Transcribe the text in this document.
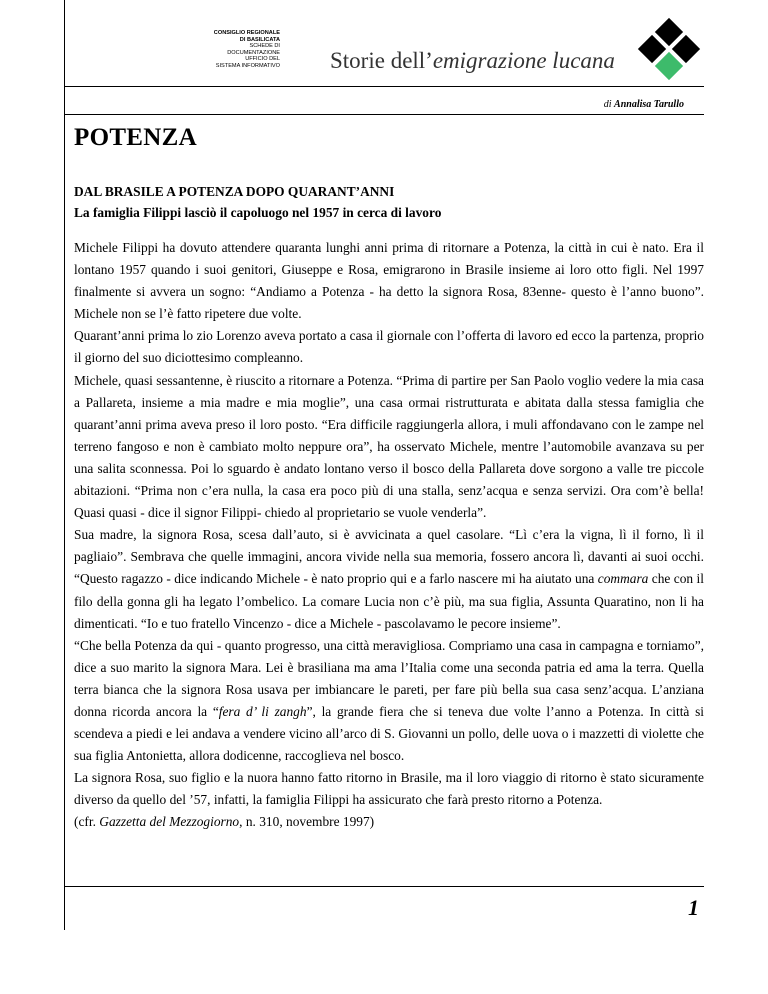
CONSIGLIO REGIONALE
DI BASILICATA
SCHEDE DI
DOCUMENTAZIONE
UFFICIO DEL
SISTEMA INFORMATIVO Storie dell’emigrazione lucana
di Annalisa Tarullo
POTENZA
DAL BRASILE A POTENZA DOPO QUARANT’ANNI
La famiglia Filippi lasciò il capoluogo nel 1957 in cerca di lavoro

Michele Filippi ha dovuto attendere quaranta lunghi anni prima di ritornare a Potenza, la città in cui è nato. Era il lontano 1957 quando i suoi genitori, Giuseppe e Rosa, emigrarono in Brasile insieme ai loro otto figli. Nel 1997 finalmente si avvera un sogno: “Andiamo a Potenza - ha detto la signora Rosa, 83enne- questo è l’anno buono”. Michele non se l’è fatto ripetere due volte.

Quarant’anni prima lo zio Lorenzo aveva portato a casa il giornale con l’offerta di lavoro ed ecco la partenza, proprio il giorno del suo diciottesimo compleanno.

Michele, quasi sessantenne, è riuscito a ritornare a Potenza. “Prima di partire per San Paolo voglio vedere la mia casa a Pallareta, insieme a mia madre e mia moglie”, una casa ormai ristrutturata e abitata dalla stessa famiglia che quarant’anni prima aveva preso il loro posto. “Era difficile raggiungerla allora, i muli affondavano con le zampe nel terreno fangoso e non è cambiato molto neppure ora”, ha osservato Michele, mentre l’automobile avanzava su per una salita sconnessa. Poi lo sguardo è andato lontano verso il bosco della Pallareta dove sorgono a valle tre piccole abitazioni. “Prima non c’era nulla, la casa era poco più di una stalla, senz’acqua e senza servizi. Ora com’è bella! Quasi quasi - dice il signor Filippi- chiedo al proprietario se vuole venderla”.

Sua madre, la signora Rosa, scesa dall’auto, si è avvicinata a quel casolare. “Lì c’era la vigna, lì il forno, lì il pagliaio”. Sembrava che quelle immagini, ancora vivide nella sua memoria, fossero ancora lì, davanti ai suoi occhi. “Questo ragazzo - dice indicando Michele - è nato proprio qui e a farlo nascere mi ha aiutato una commara che con il filo della gonna gli ha legato l’ombelico. La comare Lucia non c’è più, ma sua figlia, Assunta Quaratino, non li ha dimenticati. “Io e tuo fratello Vincenzo - dice a Michele - pascolavamo le pecore insieme”.

“Che bella Potenza da qui - quanto progresso, una città meravigliosa. Compriamo una casa in campagna e torniamo”, dice a suo marito la signora Mara. Lei è brasiliana ma ama l’Italia come una seconda patria ed ama la terra. Quella terra bianca che la signora Rosa usava per imbiancare le pareti, per fare più bella sua casa senz’acqua. L’anziana donna ricorda ancora la “fera d’ li zangh”, la grande fiera che si teneva due volte l’anno a Potenza. In città si scendeva a piedi e lei andava a vendere vicino all’arco di S. Giovanni un pollo, delle uova o i mazzetti di violette che sua figlia Antonietta, allora dodicenne, raccoglieva nel bosco.

La signora Rosa, suo figlio e la nuora hanno fatto ritorno in Brasile, ma il loro viaggio di ritorno è stato sicuramente diverso da quello del ’57, infatti, la famiglia Filippi ha assicurato che farà presto ritorno a Potenza.

(cfr. Gazzetta del Mezzogiorno, n. 310, novembre 1997)

1
